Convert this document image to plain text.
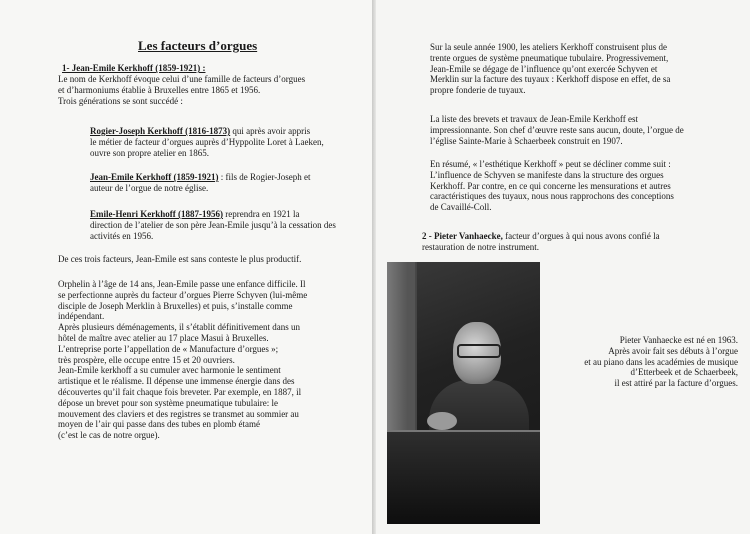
Les facteurs d’orgues
1- Jean-Emile Kerkhoff (1859-1921) :
Le nom de Kerkhoff évoque celui d’une famille de facteurs d’orgues
et d’harmoniums établie à Bruxelles entre 1865 et 1956.
Trois générations se sont succédé :
Rogier-Joseph Kerkhoff (1816-1873) qui après avoir appris
le métier de facteur d’orgues auprès d’Hyppolite Loret à Laeken,
ouvre son propre atelier en 1865.
Jean-Emile Kerkhoff (1859-1921) : fils de Rogier-Joseph et
auteur de l’orgue de notre église.
Emile-Henri Kerkhoff (1887-1956) reprendra en 1921 la
direction de l’atelier de son père Jean-Emile jusqu’à la cessation des
activités en 1956.
De ces trois facteurs, Jean-Emile est sans conteste le plus productif.
Orphelin à l’âge de 14 ans, Jean-Emile passe une enfance difficile. Il
se perfectionne auprès du facteur d’orgues Pierre Schyven (lui-même
disciple de Joseph Merklin à Bruxelles) et puis, s’installe comme
indépendant.
Après plusieurs déménagements, il s’établit définitivement dans un
hôtel de maître avec atelier au 17 place Masui à Bruxelles.
L’entreprise porte l’appellation de « Manufacture d’orgues »;
très prospère, elle occupe entre 15 et 20 ouvriers.
Jean-Emile kerkhoff a su cumuler avec harmonie le sentiment
artistique et le réalisme. Il dépense une immense énergie dans des
découvertes qu’il fait chaque fois breveter. Par exemple, en 1887, il
dépose un brevet pour son système pneumatique tubulaire: le
mouvement des claviers et des registres se transmet au sommier au
moyen de l’air qui passe dans des tubes en plomb étamé
(c’est le cas de notre orgue).
Sur la seule année 1900, les ateliers Kerkhoff construisent plus de
trente orgues de système pneumatique tubulaire. Progressivement,
Jean-Emile se dégage de l’influence qu’ont exercée Schyven et
Merklin sur la facture des tuyaux : Kerkhoff dispose en effet, de sa
propre fonderie de tuyaux.
La liste des brevets et travaux de Jean-Emile Kerkhoff est
impressionnante. Son chef d’œuvre reste sans aucun, doute, l’orgue de
l’église Sainte-Marie à Schaerbeek construit en 1907.
En résumé, « l’esthétique Kerkhoff » peut se décliner comme suit :
L’influence de Schyven se manifeste dans la structure des orgues
Kerkhoff. Par contre, en ce qui concerne les mensurations et autres
caractéristiques des tuyaux, nous nous rapprochons des conceptions
de Cavaillé-Coll.
2 - Pieter Vanhaecke, facteur d’orgues à qui nous avons confié la
restauration de notre instrument.
Pieter Vanhaecke est né en 1963.
Après avoir fait ses débuts à l’orgue
et au piano dans les académies de musique
d’Etterbeek et de Schaerbeek,
il est attiré par la facture d’orgues.
